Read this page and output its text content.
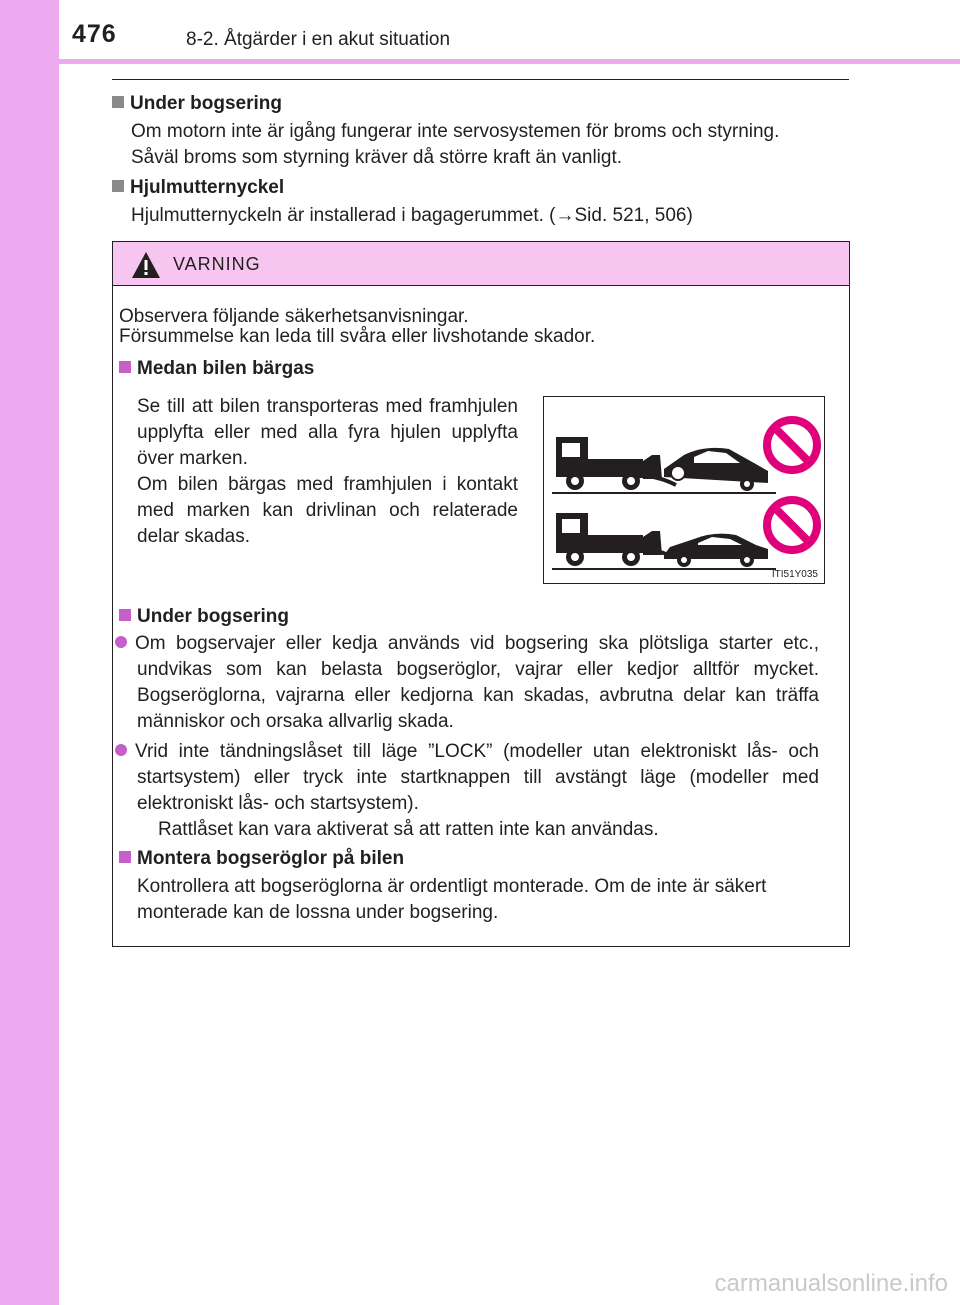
476	8-2. Åtgärder i en akut situation
Under bogsering
Om motorn inte är igång fungerar inte servosystemen för broms och styrning.
Såväl broms som styrning kräver då större kraft än vanligt.
Hjulmutternyckel
Hjulmutternyckeln är installerad i bagagerummet. (→Sid. 521, 506)
VARNING
Observera följande säkerhetsanvisningar.
Försummelse kan leda till svåra eller livshotande skador.
Medan bilen bärgas
Se till att bilen transporteras med framhjulen upplyfta eller med alla fyra hjulen upplyfta över marken.
Om bilen bärgas med framhjulen i kontakt med marken kan drivlinan och relaterade delar skadas.
ITI51Y035
Under bogsering
Om bogservajer eller kedja används vid bogsering ska plötsliga starter etc., undvikas som kan belasta bogseröglor, vajrar eller kedjor alltför mycket. Bogseröglorna, vajrarna eller kedjorna kan skadas, avbrutna delar kan träffa människor och orsaka allvarlig skada.
Vrid inte tändningslåset till läge ”LOCK” (modeller utan elektroniskt lås- och startsystem) eller tryck inte startknappen till avstängt läge (modeller med elektroniskt lås- och startsystem).
Rattlåset kan vara aktiverat så att ratten inte kan användas.
Montera bogseröglor på bilen
Kontrollera att bogseröglorna är ordentligt monterade. Om de inte är säkert monterade kan de lossna under bogsering.
carmanualsonline.info
